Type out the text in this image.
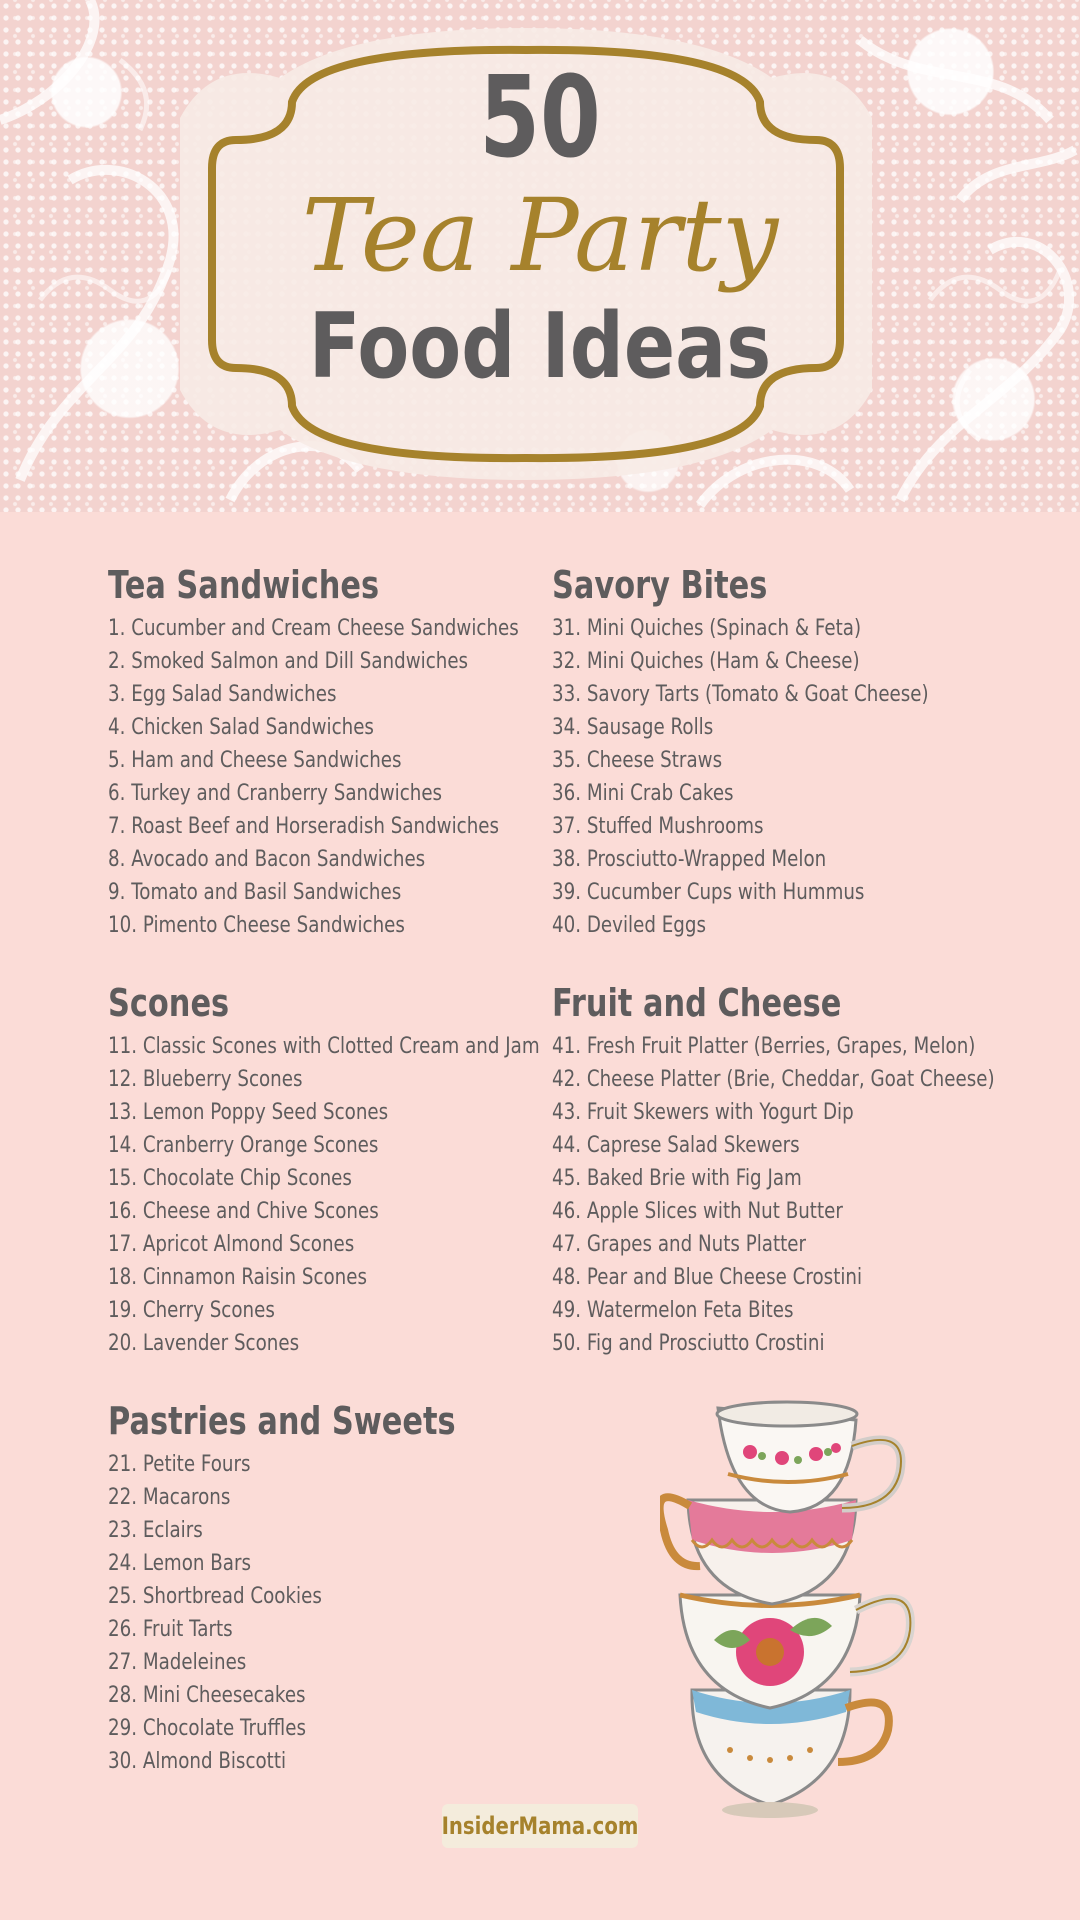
50
Tea Party
Food Ideas
Tea Sandwiches
1. Cucumber and Cream Cheese Sandwiches
2. Smoked Salmon and Dill Sandwiches
3. Egg Salad Sandwiches
4. Chicken Salad Sandwiches
5. Ham and Cheese Sandwiches
6. Turkey and Cranberry Sandwiches
7. Roast Beef and Horseradish Sandwiches
8. Avocado and Bacon Sandwiches
9. Tomato and Basil Sandwiches
10. Pimento Cheese Sandwiches
Scones
11. Classic Scones with Clotted Cream and Jam
12. Blueberry Scones
13. Lemon Poppy Seed Scones
14. Cranberry Orange Scones
15. Chocolate Chip Scones
16. Cheese and Chive Scones
17. Apricot Almond Scones
18. Cinnamon Raisin Scones
19. Cherry Scones
20. Lavender Scones
Pastries and Sweets
21. Petite Fours
22. Macarons
23. Eclairs
24. Lemon Bars
25. Shortbread Cookies
26. Fruit Tarts
27. Madeleines
28. Mini Cheesecakes
29. Chocolate Truffles
30. Almond Biscotti
Savory Bites
31. Mini Quiches (Spinach & Feta)
32. Mini Quiches (Ham & Cheese)
33. Savory Tarts (Tomato & Goat Cheese)
34. Sausage Rolls
35. Cheese Straws
36. Mini Crab Cakes
37. Stuffed Mushrooms
38. Prosciutto-Wrapped Melon
39. Cucumber Cups with Hummus
40. Deviled Eggs
Fruit and Cheese
41. Fresh Fruit Platter (Berries, Grapes, Melon)
42. Cheese Platter (Brie, Cheddar, Goat Cheese)
43. Fruit Skewers with Yogurt Dip
44. Caprese Salad Skewers
45. Baked Brie with Fig Jam
46. Apple Slices with Nut Butter
47. Grapes and Nuts Platter
48. Pear and Blue Cheese Crostini
49. Watermelon Feta Bites
50. Fig and Prosciutto Crostini
InsiderMama.com
